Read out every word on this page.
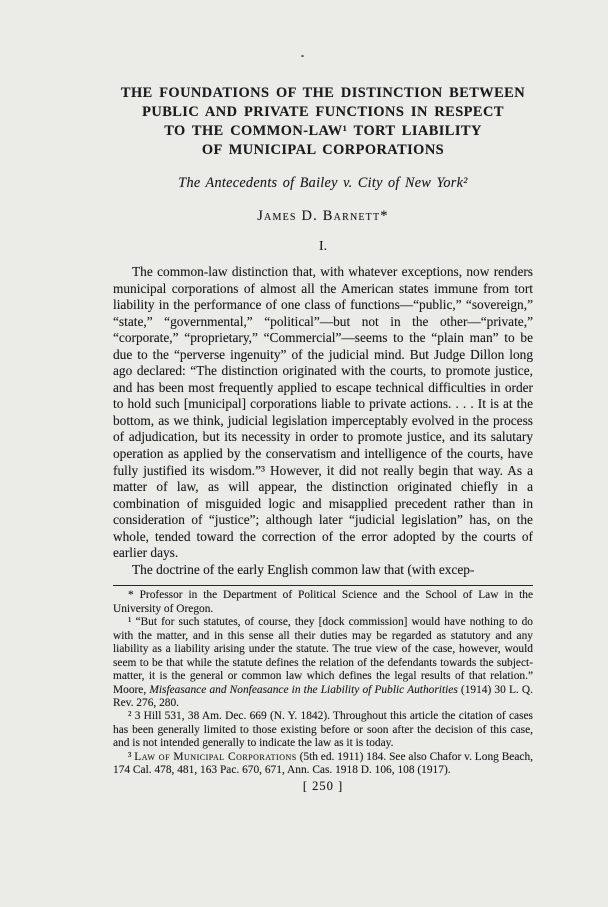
THE FOUNDATIONS OF THE DISTINCTION BETWEEN
PUBLIC AND PRIVATE FUNCTIONS IN RESPECT
TO THE COMMON-LAW¹ TORT LIABILITY
OF MUNICIPAL CORPORATIONS
The Antecedents of Bailey v. City of New York²
James D. Barnett*
I.

The common-law distinction that, with whatever exceptions, now renders municipal corporations of almost all the American states immune from tort liability in the performance of one class of functions—“public,” “sovereign,” “state,” “governmental,” “political”—but not in the other—“private,” “corporate,” “proprietary,” “Commercial”—seems to the “plain man” to be due to the “perverse ingenuity” of the judicial mind. But Judge Dillon long ago declared: “The distinction originated with the courts, to promote justice, and has been most frequently applied to escape technical difficulties in order to hold such [municipal] corporations liable to private actions. . . . It is at the bottom, as we think, judicial legislation imperceptably evolved in the process of adjudication, but its necessity in order to promote justice, and its salutary operation as applied by the conservatism and intelligence of the courts, have fully justified its wisdom.”³ However, it did not really begin that way. As a matter of law, as will appear, the distinction originated chiefly in a combination of misguided logic and misapplied precedent rather than in consideration of “justice”; although later “judicial legislation” has, on the whole, tended toward the correction of the error adopted by the courts of earlier days.

The doctrine of the early English common law that (with excep-

* Professor in the Department of Political Science and the School of Law in the University of Oregon.

¹ “But for such statutes, of course, they [dock commission] would have nothing to do with the matter, and in this sense all their duties may be regarded as statutory and any liability as a liability arising under the statute. The true view of the case, however, would seem to be that while the statute defines the relation of the defendants towards the subject-matter, it is the general or common law which defines the legal results of that relation.” Moore, Misfeasance and Nonfeasance in the Liability of Public Authorities (1914) 30 L. Q. Rev. 276, 280.

² 3 Hill 531, 38 Am. Dec. 669 (N. Y. 1842). Throughout this article the citation of cases has been generally limited to those existing before or soon after the decision of this case, and is not intended generally to indicate the law as it is today.

³ Law of Municipal Corporations (5th ed. 1911) 184. See also Chafor v. Long Beach, 174 Cal. 478, 481, 163 Pac. 670, 671, Ann. Cas. 1918 D. 106, 108 (1917).

[ 250 ]
